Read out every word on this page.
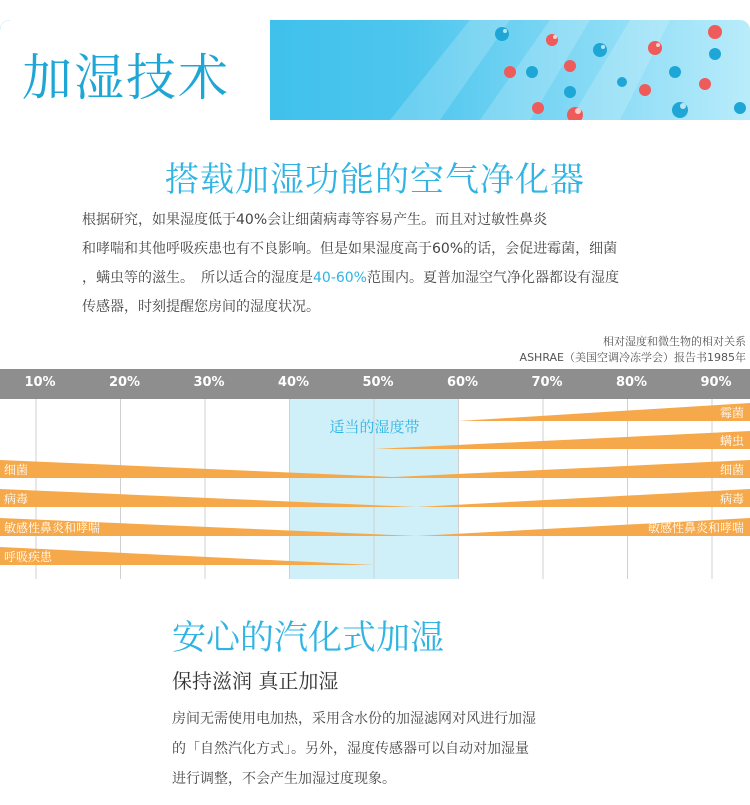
加湿技术
搭载加湿功能的空气净化器
根据研究，如果湿度低于40%会让细菌病毒等容易产生。而且对过敏性鼻炎
和哮喘和其他呼吸疾患也有不良影响。但是如果湿度高于60%的话，会促进霉菌，细菌
，螨虫等的滋生。　所以适合的湿度是40-60%范围内。夏普加湿空气净化器都设有湿度
传感器，时刻提醒您房间的湿度状况。
相对湿度和微生物的相对关系
ASHRAE（美国空调冷冻学会）报告书1985年
10%	20%	30%	40%	50%	60%	70%	80%	90%
适当的湿度带
霉菌
螨虫
细菌	细菌
病毒	病毒
敏感性鼻炎和哮喘	敏感性鼻炎和哮喘
呼吸疾患
安心的汽化式加湿
保持滋润 真正加湿
房间无需使用电加热，采用含水份的加湿滤网对风进行加湿
的「自然汽化方式」。另外，湿度传感器可以自动对加湿量
进行调整，不会产生加湿过度现象。
